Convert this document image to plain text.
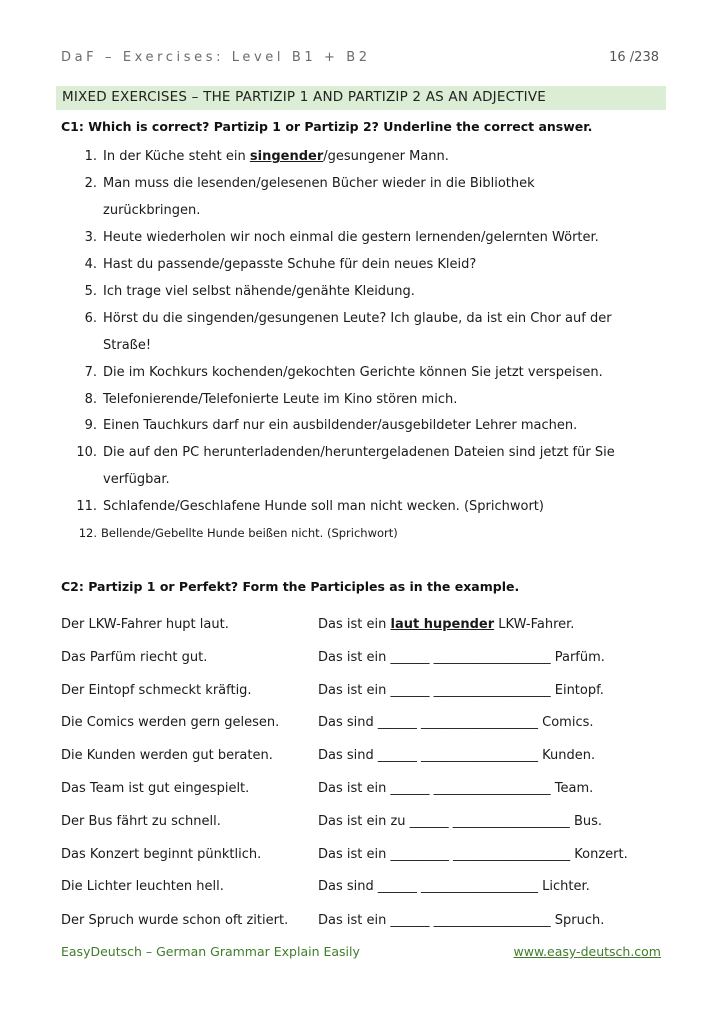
DaF – Exercises: Level B1 + B2	16 /238
MIXED EXERCISES – THE PARTIZIP 1 AND PARTIZIP 2 AS AN ADJECTIVE
C1: Which is correct? Partizip 1 or Partizip 2? Underline the correct answer.
1. In der Küche steht ein singender/gesungener Mann.
2. Man muss die lesenden/gelesenen Bücher wieder in die Bibliothek
zurückbringen.
3. Heute wiederholen wir noch einmal die gestern lernenden/gelernten Wörter.
4. Hast du passende/gepasste Schuhe für dein neues Kleid?
5. Ich trage viel selbst nähende/genähte Kleidung.
6. Hörst du die singenden/gesungenen Leute? Ich glaube, da ist ein Chor auf der
Straße!
7. Die im Kochkurs kochenden/gekochten Gerichte können Sie jetzt verspeisen.
8. Telefonierende/Telefonierte Leute im Kino stören mich.
9. Einen Tauchkurs darf nur ein ausbildender/ausgebildeter Lehrer machen.
10. Die auf den PC herunterladenden/heruntergeladenen Dateien sind jetzt für Sie
verfügbar.
11. Schlafende/Geschlafene Hunde soll man nicht wecken. (Sprichwort)
12. Bellende/Gebellte Hunde beißen nicht. (Sprichwort)
C2: Partizip 1 or Perfekt? Form the Participles as in the example.
Der LKW-Fahrer hupt laut.	Das ist ein laut hupender LKW-Fahrer.
Das Parfüm riecht gut.	Das ist ein ______ __________________ Parfüm.
Der Eintopf schmeckt kräftig.	Das ist ein ______ __________________ Eintopf.
Die Comics werden gern gelesen.	Das sind ______ __________________ Comics.
Die Kunden werden gut beraten.	Das sind ______ __________________ Kunden.
Das Team ist gut eingespielt.	Das ist ein ______ __________________ Team.
Der Bus fährt zu schnell.	Das ist ein zu ______ __________________ Bus.
Das Konzert beginnt pünktlich.	Das ist ein _________ __________________ Konzert.
Die Lichter leuchten hell.	Das sind ______ __________________ Lichter.
Der Spruch wurde schon oft zitiert. Das ist ein ______ __________________ Spruch.
EasyDeutsch – German Grammar Explain Easily	www.easy-deutsch.com
